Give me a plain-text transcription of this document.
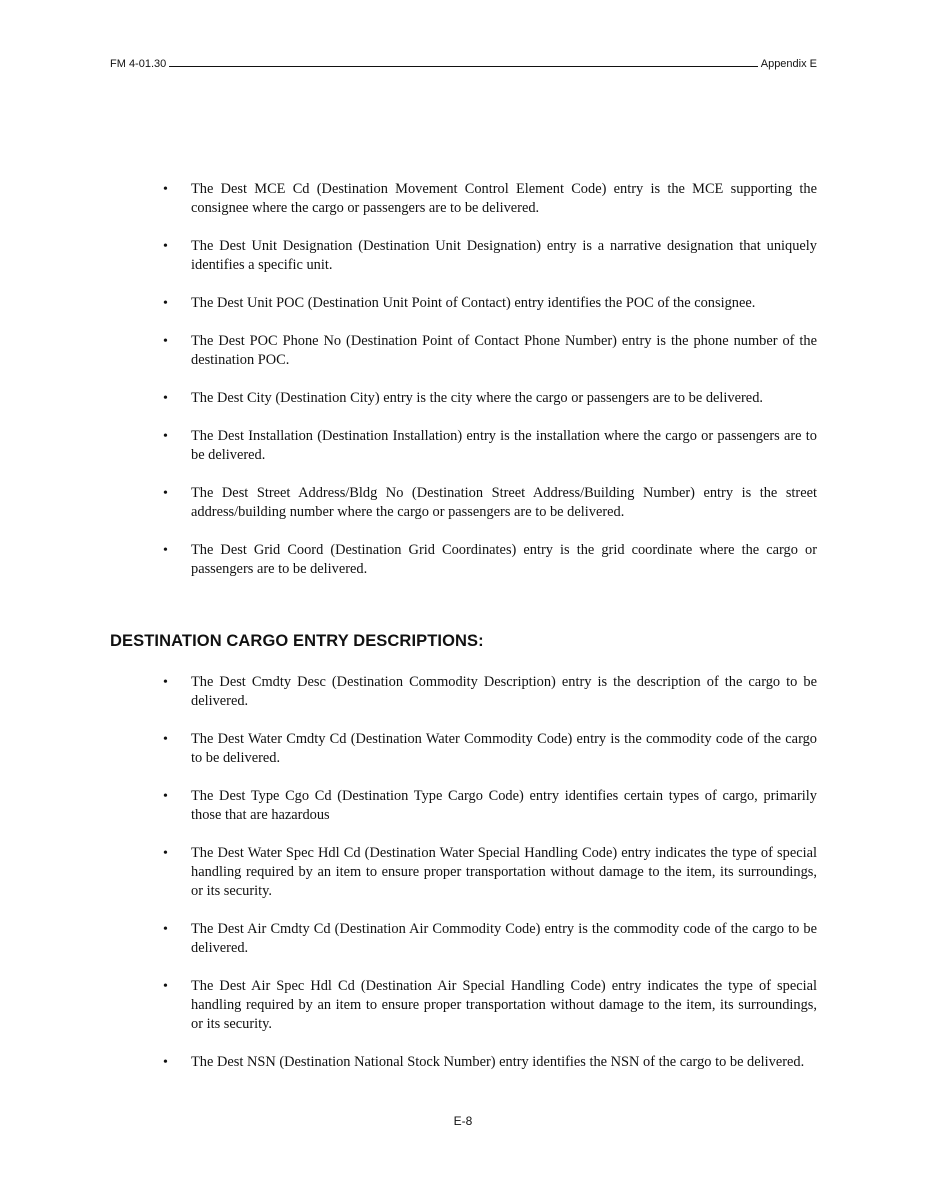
FM 4-01.30	Appendix E
• The Dest MCE Cd (Destination Movement Control Element Code) entry is the MCE supporting the consignee where the cargo or passengers are to be delivered.
• The Dest Unit Designation (Destination Unit Designation) entry is a narrative designation that uniquely identifies a specific unit.
• The Dest Unit POC (Destination Unit Point of Contact) entry identifies the POC of the consignee.
• The Dest POC Phone No (Destination Point of Contact Phone Number) entry is the phone number of the destination POC.
• The Dest City (Destination City) entry is the city where the cargo or passengers are to be delivered.
• The Dest Installation (Destination Installation) entry is the installation where the cargo or passengers are to be delivered.
• The Dest Street Address/Bldg No (Destination Street Address/Building Number) entry is the street address/building number where the cargo or passengers are to be delivered.
• The Dest Grid Coord (Destination Grid Coordinates) entry is the grid coordinate where the cargo or passengers are to be delivered.
DESTINATION CARGO ENTRY DESCRIPTIONS:
• The Dest Cmdty Desc (Destination Commodity Description) entry is the description of the cargo to be delivered.
• The Dest Water Cmdty Cd (Destination Water Commodity Code) entry is the commodity code of the cargo to be delivered.
• The Dest Type Cgo Cd (Destination Type Cargo Code) entry identifies certain types of cargo, primarily those that are hazardous
• The Dest Water Spec Hdl Cd (Destination Water Special Handling Code) entry indicates the type of special handling required by an item to ensure proper transportation without damage to the item, its surroundings, or its security.
• The Dest Air Cmdty Cd (Destination Air Commodity Code) entry is the commodity code of the cargo to be delivered.
• The Dest Air Spec Hdl Cd (Destination Air Special Handling Code) entry indicates the type of special handling required by an item to ensure proper transportation without damage to the item, its surroundings, or its security.
• The Dest NSN (Destination National Stock Number) entry identifies the NSN of the cargo to be delivered.
E-8
